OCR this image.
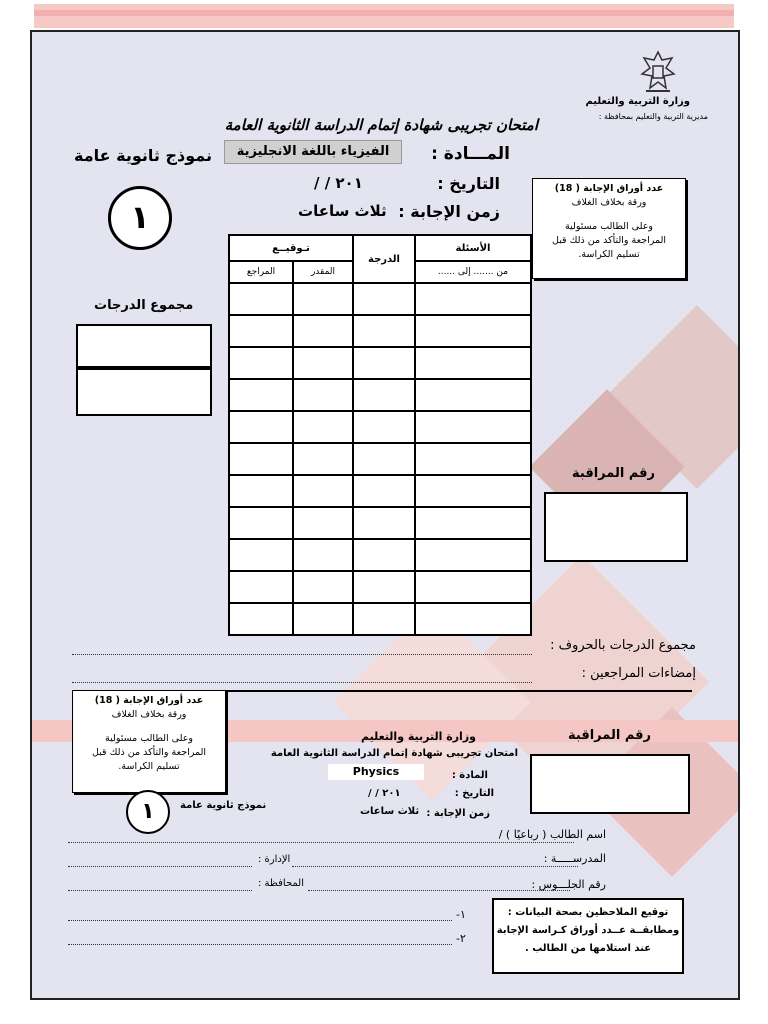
وزارة التربية والتعليم
مديرية التربية والتعليم بمحافظة :
امتحان تجريبى شهادة إتمام الدراسة الثانوية العامة
المـــادة :
الفيزياء باللغة الانجليزية
نموذج ثانوية عامة
التاريخ :
/ / ٢٠١
زمن الإجابة :
ثلاث ساعات
١
عدد أوراق الإجابة ( 18)
ورقة بخلاف الغلاف
وعلى الطالب مسئولية
المراجعة والتأكد من ذلك قبل
تسليم الكراسة.
تـوقيــع		الدرجة	الأسئلة
المراجع	المقدر		من ....... إلى ......

مجموع الدرجات
رقم المراقبة
مجموع الدرجات بالحروف :
إمضاءات المراجعين :
عدد أوراق الإجابة ( 18)
ورقة بخلاف الغلاف
وعلى الطالب مسئولية
المراجعة والتأكد من ذلك قبل
تسليم الكراسة.
رقم المراقبة
وزارة التربية والتعليم
امتحان تجريبى شهادة إتمام الدراسة الثانوية العامة
المادة :
Physics
التاريخ :
/ / ٢٠١
زمن الإجابة :
ثلاث ساعات
١	نموذج ثانوية عامة
اسم الطالب ( رباعيًا ) /
المدرســـــة :
الإدارة :
رقم الجلـــوس :
المحافظة :
-١
-٢
توقيع الملاحظين بصحة البيانات :
ومطابقــة عــدد أوراق كـراسة الإجابة
عند استلامها من الطالب .
